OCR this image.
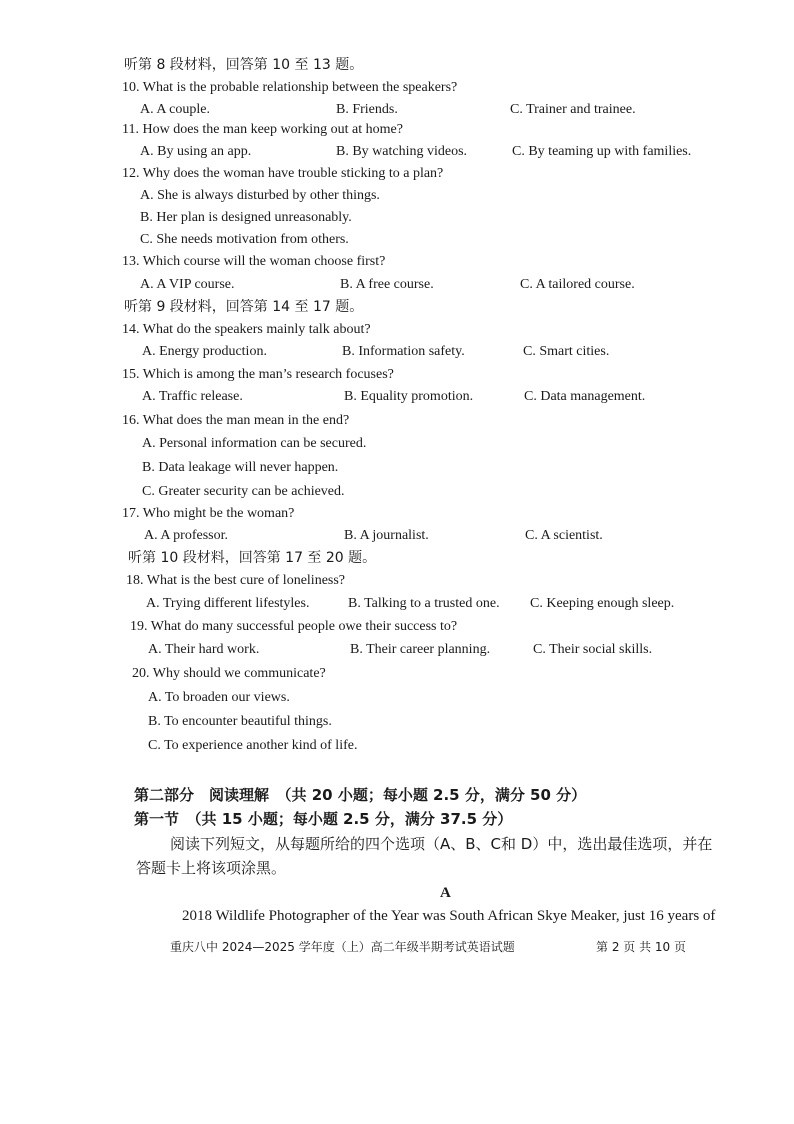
听第 8 段材料，回答第 10 至 13 题。
10. What is the probable relationship between the speakers?
A. A couple.	B. Friends.	C. Trainer and trainee.
11. How does the man keep working out at home?
A. By using an app.	B. By watching videos.	C. By teaming up with families.
12. Why does the woman have trouble sticking to a plan?
A. She is always disturbed by other things.
B. Her plan is designed unreasonably.
C. She needs motivation from others.
13. Which course will the woman choose first?
A. A VIP course.	B. A free course.	C. A tailored course.
听第 9 段材料，回答第 14 至 17 题。
14. What do the speakers mainly talk about?
A. Energy production.	B. Information safety.	C. Smart cities.
15. Which is among the man’s research focuses?
A. Traffic release.	B. Equality promotion.	C. Data management.
16. What does the man mean in the end?
A. Personal information can be secured.
B. Data leakage will never happen.
C. Greater security can be achieved.
17. Who might be the woman?
A. A professor.	B. A journalist.	C. A scientist.
听第 10 段材料，回答第 17 至 20 题。
18. What is the best cure of loneliness?
A. Trying different lifestyles.	B. Talking to a trusted one. C. Keeping enough sleep.
19. What do many successful people owe their success to?
A. Their hard work.	B. Their career planning.	C. Their social skills.
20. Why should we communicate?
A. To broaden our views.
B. To encounter beautiful things.
C. To experience another kind of life.
第二部分　阅读理解　（共 20 小题；每小题 2.5 分，满分 50 分）
第一节　（共 15 小题；每小题 2.5 分，满分 37.5 分）
阅读下列短文，从每题所给的四个选项（A、B、C和 D）中，选出最佳选项，并在
答题卡上将该项涂黑。
A
2018 Wildlife Photographer of the Year was South African Skye Meaker, just 16 years of
重庆八中 2024—2025 学年度（上）高二年级半期考试英语试题	第 2 页 共 10 页
